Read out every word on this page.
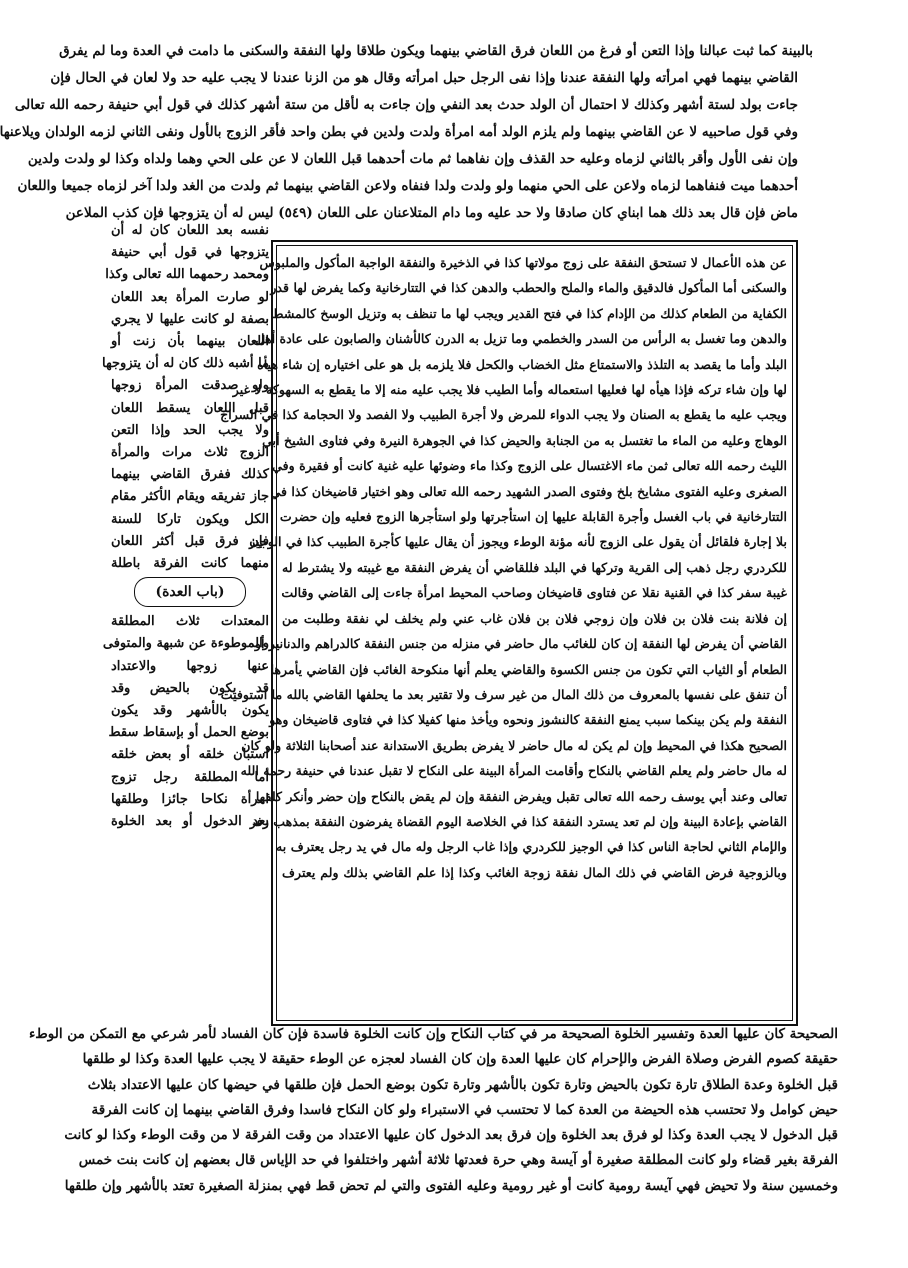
بالبينة كما ثبت عبالنا وإذا التعن أو فرغ من اللعان فرق القاضي بينهما ويكون طلاقا ولها النفقة والسكنى ما دامت في العدة وما لم يفرق
القاضي بينهما فهي امرأته ولها النفقة عندنا وإذا نفى الرجل حبل امرأته وقال هو من الزنا عندنا لا يجب عليه حد ولا لعان في الحال فإن
جاءت بولد لستة أشهر وكذلك لا احتمال أن الولد حدث بعد النفي وإن جاءت به لأقل من ستة أشهر كذلك في قول أبي حنيفة رحمه الله تعالى
وفي قول صاحبيه لا عن القاضي بينهما ولم يلزم الولد أمه امرأة ولدت ولدين في بطن واحد فأقر الزوج بالأول ونفى الثاني لزمه الولدان ويلاعنها
وإن نفى الأول وأقر بالثاني لزماه وعليه حد القذف وإن نفاهما ثم مات أحدهما قبل اللعان لا عن على الحي وهما ولداه وكذا لو ولدت ولدين
أحدهما ميت فنفاهما لزماه ولاعن على الحي منهما ولو ولدت ولدا فنفاه ولاعن القاضي بينهما ثم ولدت من الغد ولدا آخر لزماه جميعا واللعان
ماض فإن قال بعد ذلك هما ابناي كان صادقا ولا حد عليه وما دام المتلاعنان على اللعان (٥٤٩) ليس له أن يتزوجها فإن كذب الملاعن
نفسه بعد اللعان كان له أن
يتزوجها في قول أبي حنيفة
ومحمد رحمهما الله تعالى وكذا
لو صارت المرأة بعد اللعان
بصفة لو كانت عليها لا يجري
اللعان بينهما بأن زنت أو
ما أشبه ذلك كان له أن يتزوجها
ولو صدقت المرأة زوجها
قبل اللعان يسقط اللعان
ولا يجب الحد وإذا التعن
الزوج ثلاث مرات والمرأة
كذلك ففرق القاضي بينهما
جاز تفريقه ويقام الأكثر مقام
الكل ويكون تاركا للسنة
فإن فرق قبل أكثر اللعان
منهما كانت الفرقة باطلة
(باب العدة)
المعتدات ثلاث المطلقة
والموطوءة عن شبهة والمتوفى
عنها زوجها والاعتداد
قد يكون بالحيض وقد
يكون بالأشهر وقد يكون
بوضع الحمل أو بإسقاط سقط
استبان خلقه أو بعض خلقه
أما المطلقة رجل تزوج
امرأة نكاحا جائزا وطلقها
بعد الدخول أو بعد الخلوة
عن هذه الأعمال لا تستحق النفقة على زوج مولاتها كذا في الذخيرة والنفقة الواجبة المأكول والملبوس
والسكنى أما المأكول فالدقيق والماء والملح والحطب والدهن كذا في التتارخانية وكما يفرض لها قدر
الكفاية من الطعام كذلك من الإدام كذا في فتح القدير ويجب لها ما تنظف به وتزيل الوسخ كالمشط
والدهن وما تغسل به الرأس من السدر والخطمي وما تزيل به الدرن كالأشنان والصابون على عادة أهل
البلد وأما ما يقصد به التلذذ والاستمتاع مثل الخضاب والكحل فلا يلزمه بل هو على اختياره إن شاء هيأه
لها وإن شاء تركه فإذا هيأه لها فعليها استعماله وأما الطيب فلا يجب عليه منه إلا ما يقطع به السهوكة لا غير
ويجب عليه ما يقطع به الصنان ولا يجب الدواء للمرض ولا أجرة الطبيب ولا الفصد ولا الحجامة كذا في السراج
الوهاج وعليه من الماء ما تغتسل به من الجنابة والحيض كذا في الجوهرة النيرة وفي فتاوى الشيخ أبي
الليث رحمه الله تعالى ثمن ماء الاغتسال على الزوج وكذا ماء وضوئها عليه غنية كانت أو فقيرة وفي
الصغرى وعليه الفتوى مشايخ بلخ وفتوى الصدر الشهيد رحمه الله تعالى وهو اختيار قاضيخان كذا في
التتارخانية في باب الغسل وأجرة القابلة عليها إن استأجرتها ولو استأجرها الزوج فعليه وإن حضرت
بلا إجارة فلقائل أن يقول على الزوج لأنه مؤنة الوطء ويجوز أن يقال عليها كأجرة الطبيب كذا في الوجيز
للكردري رجل ذهب إلى القرية وتركها في البلد فللقاضي أن يفرض النفقة مع غيبته ولا يشترط له
غيبة سفر كذا في القنية نقلا عن فتاوى قاضيخان وصاحب المحيط امرأة جاءت إلى القاضي وقالت
إن فلانة بنت فلان بن فلان وإن زوجي فلان بن فلان غاب عني ولم يخلف لي نفقة وطلبت من
القاضي أن يفرض لها النفقة إن كان للغائب مال حاضر في منزله من جنس النفقة كالدراهم والدنانير أو
الطعام أو الثياب التي تكون من جنس الكسوة والقاضي يعلم أنها منكوحة الغائب فإن القاضي يأمرها
أن تنفق على نفسها بالمعروف من ذلك المال من غير سرف ولا تقتير بعد ما يحلفها القاضي بالله ما استوفيت
النفقة ولم يكن بينكما سبب يمنع النفقة كالنشوز ونحوه ويأخذ منها كفيلا كذا في فتاوى قاضيخان وهو
الصحيح هكذا في المحيط وإن لم يكن له مال حاضر لا يفرض بطريق الاستدانة عند أصحابنا الثلاثة ولو كان
له مال حاضر ولم يعلم القاضي بالنكاح وأقامت المرأة البينة على النكاح لا تقبل عندنا في حنيفة رحمه الله
تعالى وعند أبي يوسف رحمه الله تعالى تقبل ويفرض النفقة وإن لم يقض بالنكاح وإن حضر وأنكر كلفها
القاضي بإعادة البينة وإن لم تعد يسترد النفقة كذا في الخلاصة اليوم القضاة يفرضون النفقة بمذهب زفر
والإمام الثاني لحاجة الناس كذا في الوجيز للكردري وإذا غاب الرجل وله مال في يد رجل يعترف به
وبالزوجية فرض القاضي في ذلك المال نفقة زوجة الغائب وكذا إذا علم القاضي بذلك ولم يعترف
الصحيحة كان عليها العدة وتفسير الخلوة الصحيحة مر في كتاب النكاح وإن كانت الخلوة فاسدة فإن كان الفساد لأمر شرعي مع التمكن من الوطء
حقيقة كصوم الفرض وصلاة الفرض والإحرام كان عليها العدة وإن كان الفساد لعجزه عن الوطء حقيقة لا يجب عليها العدة وكذا لو طلقها
قبل الخلوة وعدة الطلاق تارة تكون بالحيض وتارة تكون بالأشهر وتارة تكون بوضع الحمل فإن طلقها في حيضها كان عليها الاعتداد بثلاث
حيض كوامل ولا تحتسب هذه الحيضة من العدة كما لا تحتسب في الاستبراء ولو كان النكاح فاسدا وفرق القاضي بينهما إن كانت الفرقة
قبل الدخول لا يجب العدة وكذا لو فرق بعد الخلوة وإن فرق بعد الدخول كان عليها الاعتداد من وقت الفرقة لا من وقت الوطء وكذا لو كانت
الفرقة بغير قضاء ولو كانت المطلقة صغيرة أو آيسة وهي حرة فعدتها ثلاثة أشهر واختلفوا في حد الإياس قال بعضهم إن كانت بنت خمس
وخمسين سنة ولا تحيض فهي آيسة رومية كانت أو غير رومية وعليه الفتوى والتي لم تحض قط فهي بمنزلة الصغيرة تعتد بالأشهر وإن طلقها
